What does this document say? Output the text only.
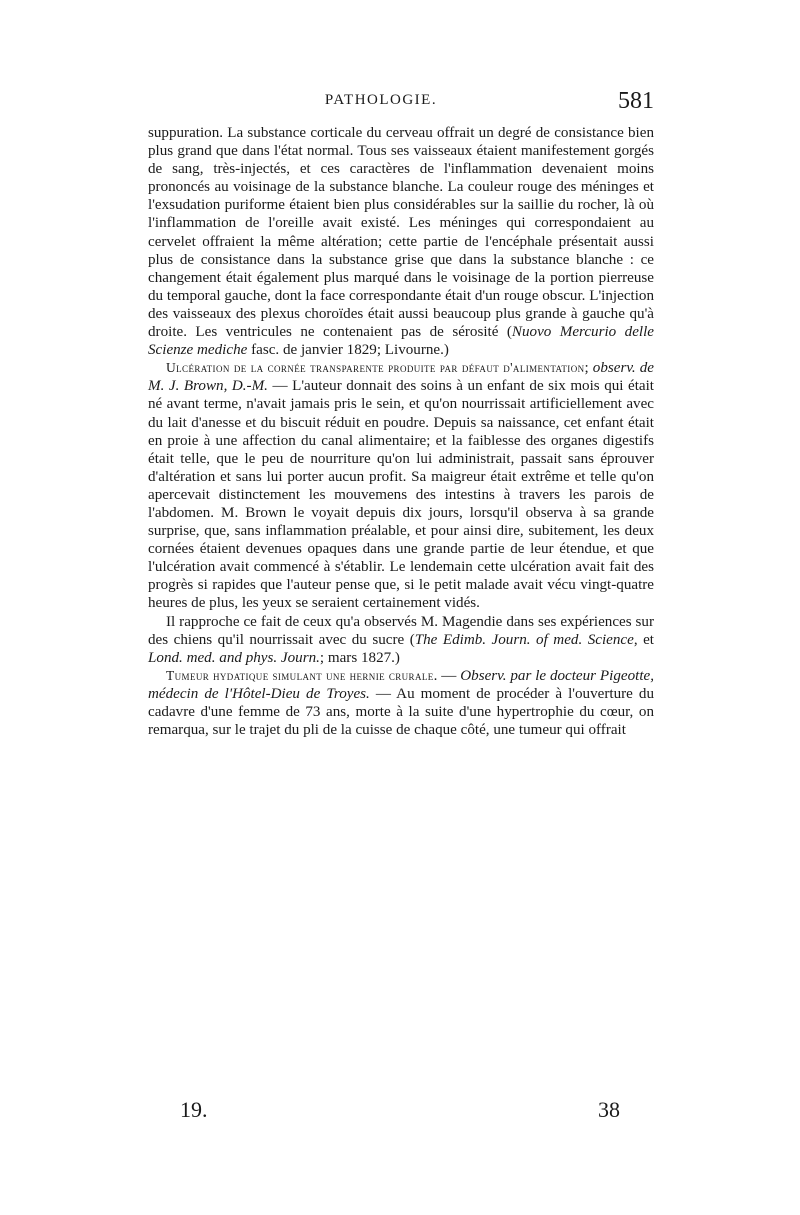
PATHOLOGIE.	581

suppuration. La substance corticale du cerveau offrait un degré de consistance bien plus grand que dans l'état normal. Tous ses vaisseaux étaient manifestement gorgés de sang, très-injectés, et ces caractères de l'inflammation devenaient moins prononcés au voisinage de la substance blanche. La couleur rouge des méninges et l'exsudation puriforme étaient bien plus considérables sur la saillie du rocher, là où l'inflammation de l'oreille avait existé. Les méninges qui correspondaient au cervelet offraient la même altération; cette partie de l'encéphale présentait aussi plus de consistance dans la substance grise que dans la substance blanche : ce changement était également plus marqué dans le voisinage de la portion pierreuse du temporal gauche, dont la face correspondante était d'un rouge obscur. L'injection des vaisseaux des plexus choroïdes était aussi beaucoup plus grande à gauche qu'à droite. Les ventricules ne contenaient pas de sérosité (Nuovo Mercurio delle Scienze mediche fasc. de janvier 1829; Livourne.)

Ulcération de la cornée transparente produite par défaut d'alimentation; observ. de M. J. Brown, D.-M. — L'auteur donnait des soins à un enfant de six mois qui était né avant terme, n'avait jamais pris le sein, et qu'on nourrissait artificiellement avec du lait d'anesse et du biscuit réduit en poudre. Depuis sa naissance, cet enfant était en proie à une affection du canal alimentaire; et la faiblesse des organes digestifs était telle, que le peu de nourriture qu'on lui administrait, passait sans éprouver d'altération et sans lui porter aucun profit. Sa maigreur était extrême et telle qu'on apercevait distinctement les mouvemens des intestins à travers les parois de l'abdomen. M. Brown le voyait depuis dix jours, lorsqu'il observa à sa grande surprise, que, sans inflammation préalable, et pour ainsi dire, subitement, les deux cornées étaient devenues opaques dans une grande partie de leur étendue, et que l'ulcération avait commencé à s'établir. Le lendemain cette ulcération avait fait des progrès si rapides que l'auteur pense que, si le petit malade avait vécu vingt-quatre heures de plus, les yeux se seraient certainement vidés.

Il rapproche ce fait de ceux qu'a observés M. Magendie dans ses expériences sur des chiens qu'il nourrissait avec du sucre (The Edimb. Journ. of med. Science, et Lond. med. and phys. Journ.; mars 1827.)

Tumeur hydatique simulant une hernie crurale. — Observ. par le docteur Pigeotte, médecin de l'Hôtel-Dieu de Troyes. — Au moment de procéder à l'ouverture du cadavre d'une femme de 73 ans, morte à la suite d'une hypertrophie du cœur, on remarqua, sur le trajet du pli de la cuisse de chaque côté, une tumeur qui offrait

19.	38
